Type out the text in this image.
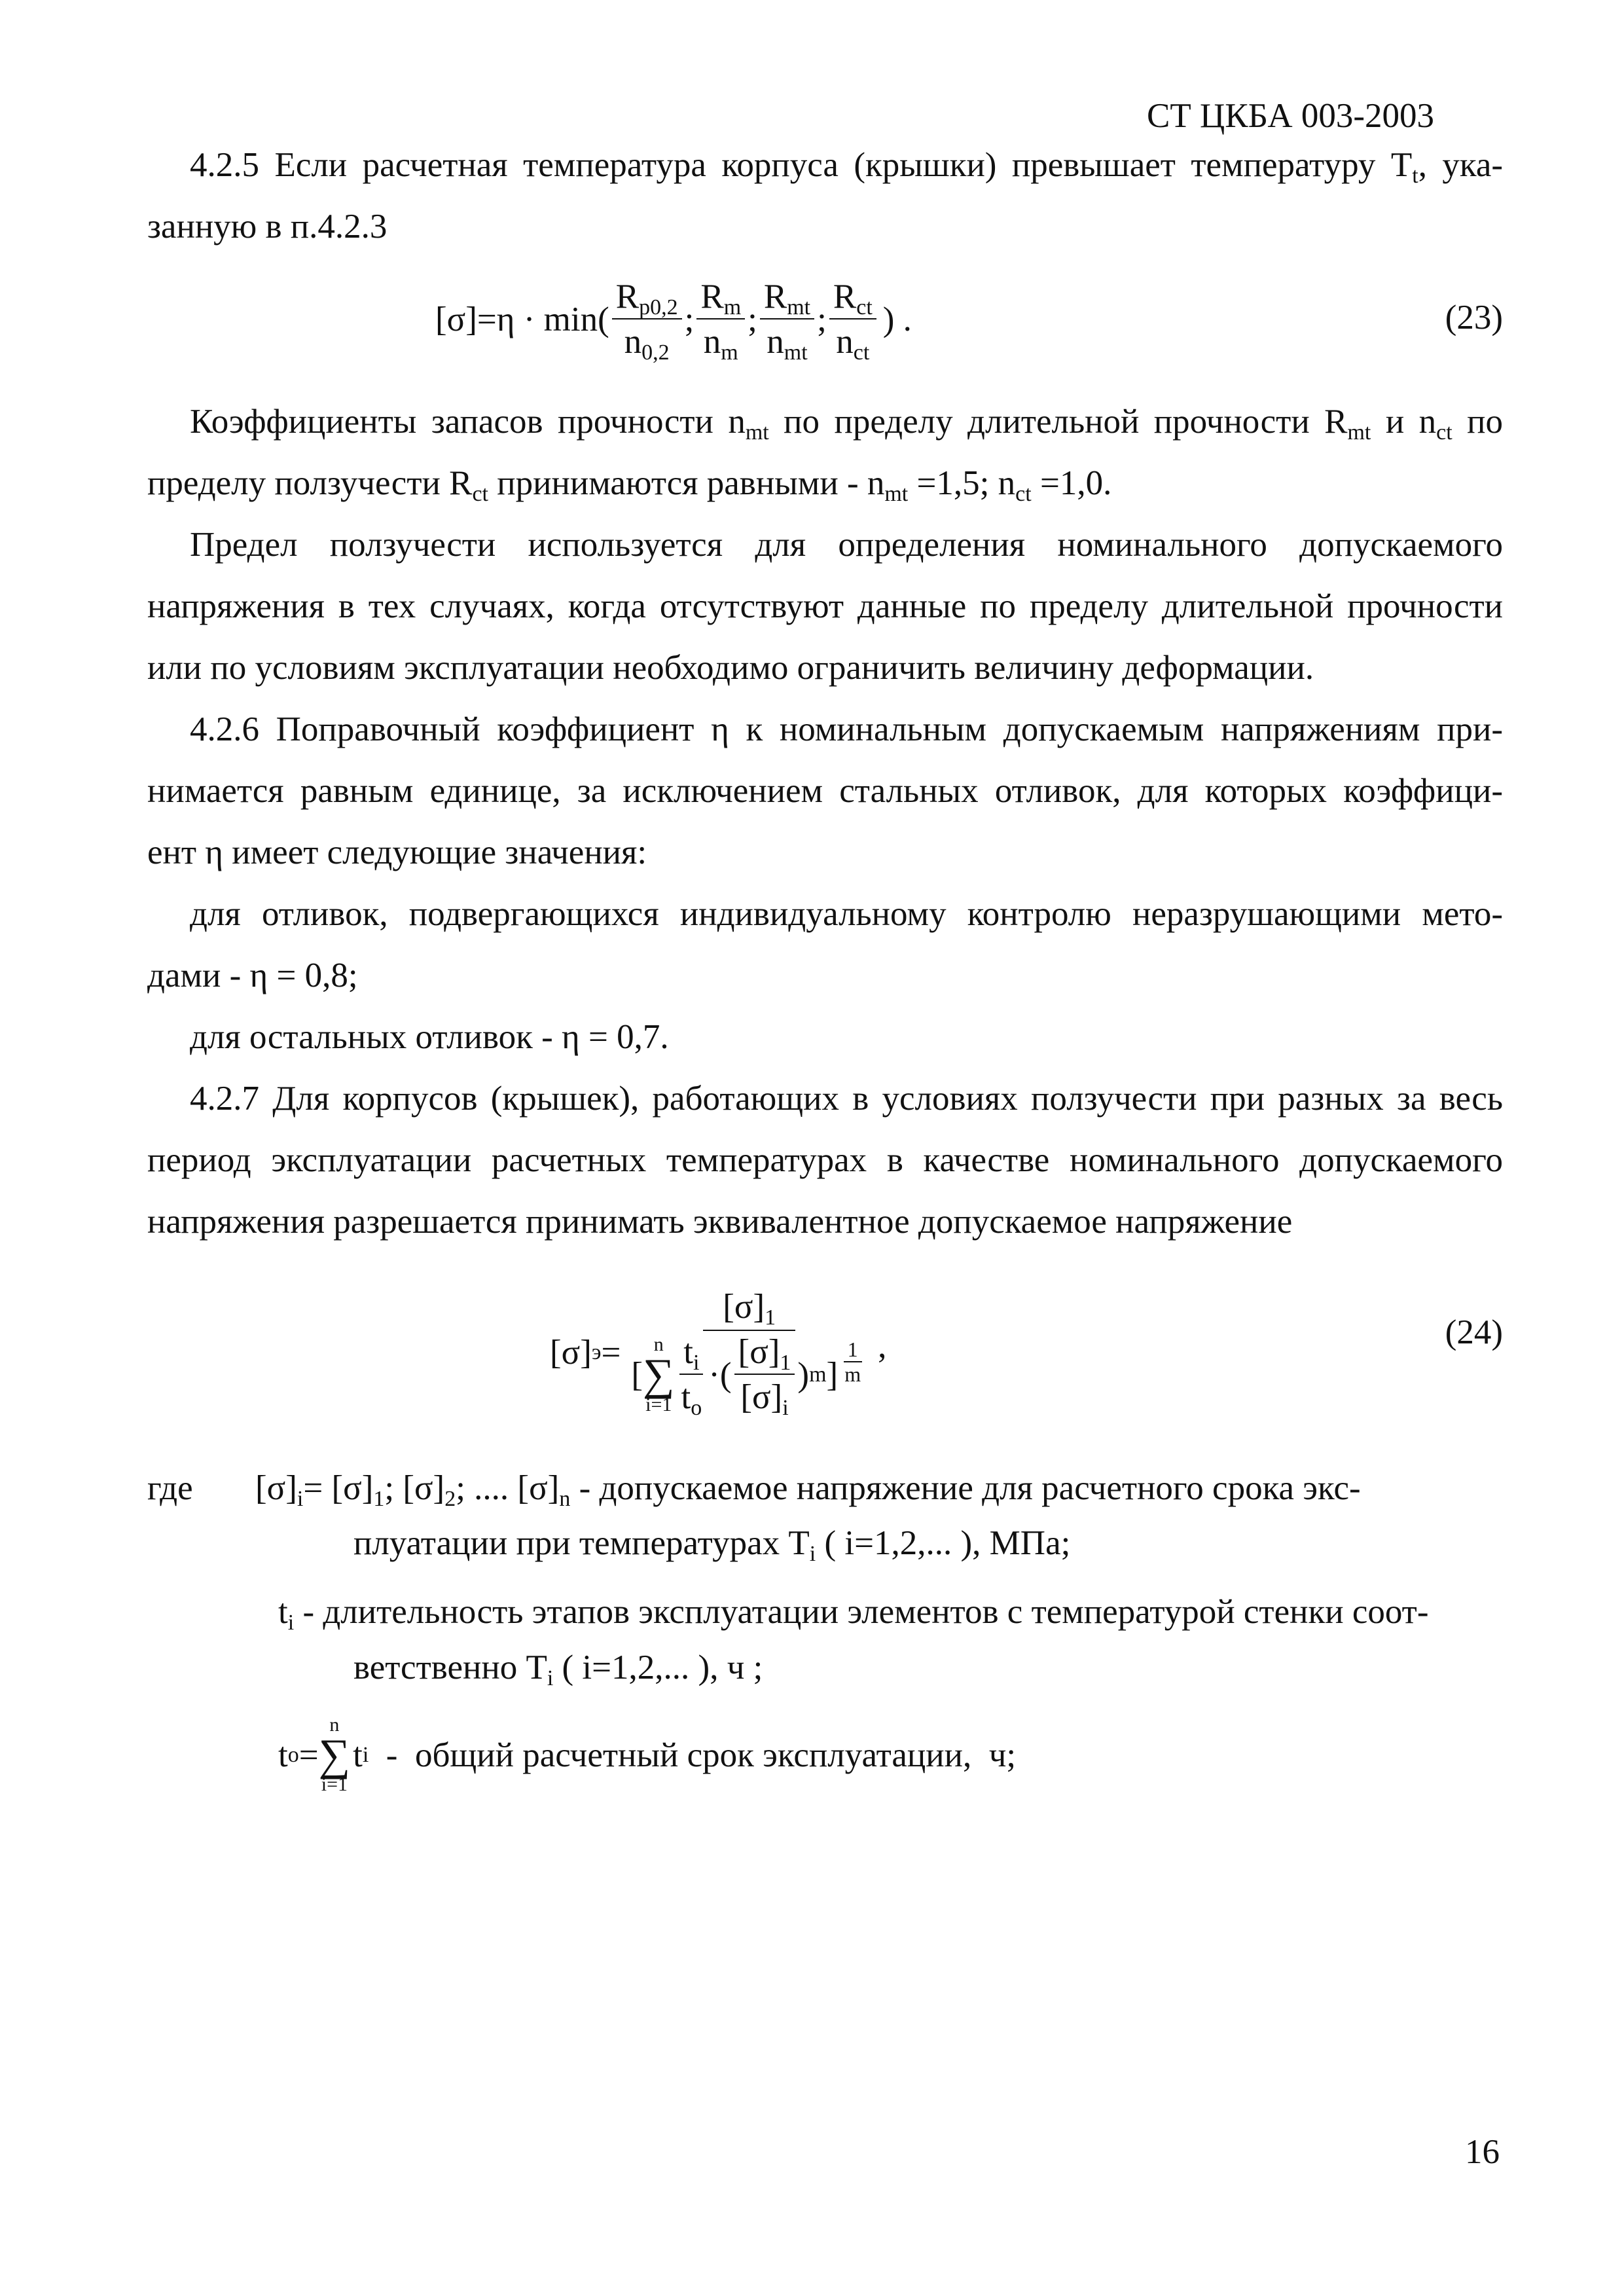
СТ ЦКБА 003-2003
4.2.5 Если расчетная температура корпуса (крышки) превышает температуру $T_t$, ука-
занную в п.4.2.3
$[\sigma]=\eta \cdot \min( \frac{R_{p0,2}}{n_{0,2}}$ ; $\frac{R_m}{n_m}$ ; $\frac{R_{mt}}{n_{mt}}$ ; $\frac{R_{ct}}{n_{ct}}$ ) .	(23)
Коэффициенты запасов прочности $n_{mt}$ по пределу длительной прочности $R_{mt}$ и $n_{ct}$ по
пределу ползучести $R_{ct}$ принимаются равными - $n_{mt} =1,5$; $n_{ct} =1,0$.
Предел ползучести используется для определения номинального допускаемого
напряжения в тех случаях, когда отсутствуют данные по пределу длительной прочности
или по условиям эксплуатации необходимо ограничить величину деформации.
4.2.6 Поправочный коэффициент η к номинальным допускаемым напряжениям при-
нимается равным единице, за исключением стальных отливок, для которых коэффици-
ент η имеет следующие значения:
для отливок, подвергающихся индивидуальному контролю неразрушающими мето-
дами - η = 0,8;
для остальных отливок - η = 0,7.
4.2.7 Для корпусов (крышек), работающих в условиях ползучести при разных за весь
период эксплуатации расчетных температурах в качестве номинального допускаемого
напряжения разрешается принимать эквивалентное допускаемое напряжение
[σ] э =
$[\sigma]_1$
[
n
∑
$i=1 \frac{t_i}{t_o}$ ·( $\frac{[\sigma]_1}{[\sigma]_i}$ ) m ] $\frac{1}{m}$ ,	(24)
где $[\sigma]_i= [\sigma]_1$; $[\sigma]_2$; .... $[\sigma]_n$ - допускаемое напряжение для расчетного срока экс-
плуатации при температурах $T_i$ ( i=1,2,... ), МПа;
$t_i$ - длительность этапов эксплуатации элементов с температурой стенки соот-
ветственно $T_i$ ( i=1,2,... ), ч ;
t o =
n
∑
i=1
t i -  общий расчетный срок эксплуатации,  ч;
16
